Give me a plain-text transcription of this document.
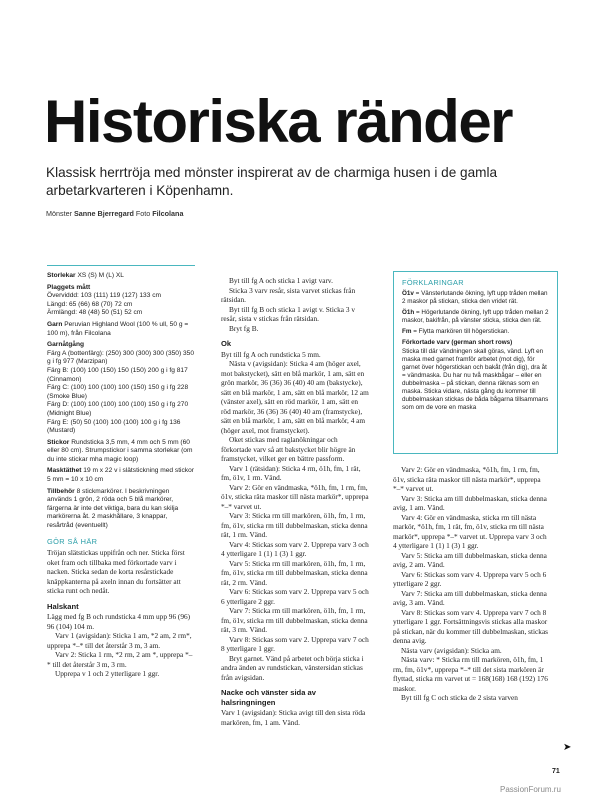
Historiska ränder

Klassisk herrtröja med mönster inspirerat av de charmiga husen i de gamla arbetarkvarteren i Köpenhamn.

Mönster Sanne Bjerregard Foto Filcolana
Storlekar XS (S) M (L) XL
Plaggets mått
Överviddd: 103 (111) 119 (127) 133 cm
Längd: 65 (66) 68 (70) 72 cm
Ärmlängd: 48 (48) 50 (51) 52 cm
Garn Peruvian Highland Wool (100 % ull, 50 g = 100 m), från Filcolana
Garnåtgång
Färg A (bottenfärg): (250) 300 (300) 300 (350) 350 g i fg 977 (Marzipan)
Färg B: (100) 100 (150) 150 (150) 200 g i fg 817 (Cinnamon)
Färg C: (100) 100 (100) 100 (150) 150 g i fg 228 (Smoke Blue)
Färg D: (100) 100 (100) 100 (100) 150 g i fg 270 (Midnight Blue)
Färg E: (50) 50 (100) 100 (100) 100 g i fg 136 (Mustard)
Stickor Rundsticka 3,5 mm, 4 mm och 5 mm (60 eller 80 cm). Strumpstickor i samma storlekar (om du inte stickar mha magic loop)
Masktäthet 19 m x 22 v i slätstickning med stickor 5 mm = 10 x 10 cm
Tillbehör 8 stickmarkörer. I beskrivningen används 1 grön, 2 röda och 5 blå markörer, färgerna är inte det viktiga, bara du kan skilja markörerna åt. 2 maskhållare, 3 knappar, resårtråd (eventuellt)
GÖR SÅ HÄR

Tröjan slätstickas uppifrån och ner. Sticka först oket fram och tillbaka med förkortade varv i nacken. Sticka sedan de korta resårstickade knäppkanterna på axeln innan du fortsätter att sticka runt och nedåt.

Halskant

Lägg med fg B och rundsticka 4 mm upp 96 (96) 96 (104) 104 m.

Varv 1 (avigsidan): Sticka 1 am, *2 am, 2 rm*, upprepa *–* till det återstår 3 m, 3 am.

Varv 2: Sticka 1 rm, *2 rm, 2 am *, upprepa *–* till det återstår 3 m, 3 rm.

Upprepa v 1 och 2 ytterligare 1 ggr.

Byt till fg A och sticka 1 avigt varv.

Sticka 3 varv resår, sista varvet stickas från rätsidan.

Byt till fg B och sticka 1 avigt v. Sticka 3 v resår, sista v stickas från rätsidan.

Bryt fg B.

Ok

Byt till fg A och rundsticka 5 mm.

Nästa v (avigsidan): Sticka 4 am (höger axel, mot bakstycket), sätt en blå markör, 1 am, sätt en grön markör, 36 (36) 36 (40) 40 am (bakstycke), sätt en blå markör, 1 am, sätt en blå markör, 12 am (vänster axel), sätt en röd markör, 1 am, sätt en röd markör, 36 (36) 36 (40) 40 am (framstycke), sätt en blå markör, 1 am, sätt en blå markör, 4 am (höger axel, mot framstycket).

Oket stickas med raglanökningar och förkortade varv så att bakstycket blir högre än framstycket, vilket ger en bättre passform.

Varv 1 (rätsidan): Sticka 4 rm, ö1h, fm, 1 rät, fm, ö1v, 1 rm. Vänd.

Varv 2: Gör en vändmaska, *ö1h, fm, 1 rm, fm, ö1v, sticka räta maskor till nästa markör*, upprepa *–* varvet ut.

Varv 3: Sticka rm till markören, ö1h, fm, 1 rm, fm, ö1v, sticka rm till dubbelmaskan, sticka denna rät, 1 rm. Vänd.

Varv 4: Stickas som varv 2. Upprepa varv 3 och 4 ytterligare 1 (1) 1 (3) 1 ggr.

Varv 5: Sticka rm till markören, ö1h, fm, 1 rm, fm, ö1v, sticka rm till dubbelmaskan, sticka denna rät, 2 rm. Vänd.

Varv 6: Stickas som varv 2. Upprepa varv 5 och 6 ytterligare 2 ggr.

Varv 7: Sticka rm till markören, ö1h, fm, 1 rm, fm, ö1v, sticka rm till dubbelmaskan, sticka denna rät, 3 rm. Vänd.

Varv 8: Stickas som varv 2. Upprepa varv 7 och 8 ytterligare 1 ggr.

Bryt garnet. Vänd på arbetet och börja sticka i andra änden av rundstickan, vänstersidan stickas från avigsidan.

Nacke och vänster sida av halsringningen

Varv 1 (avigsidan): Sticka avigt till den sista röda markören, fm, 1 am. Vänd.

FÖRKLARINGAR
Ö1v = Vänsterlutande ökning, lyft upp tråden mellan 2 maskor på stickan, sticka den vridet rät.
Ö1h = Högerlutande ökning, lyft upp tråden mellan 2 maskor, bakifrån, på vänster sticka, sticka den rät.
Fm = Flytta markören till högerstickan.
Förkortade varv (german short rows)
Sticka till där vändningen skall göras, vänd. Lyft en maska med garnet framför arbetet (mot dig), för garnet över högerstickan och bakåt (från dig), dra åt = vändmaska. Du har nu två maskbågar – eller en dubbelmaska – på stickan, denna räknas som en maska. Sticka vidare, nästa gång du kommer till dubbelmaskan stickas de båda bågarna tillsammans som om de vore en maska

Varv 2: Gör en vändmaska, *ö1h, fm, 1 rm, fm, ö1v, sticka räta maskor till nästa markör*, upprepa *–* varvet ut.

Varv 3: Sticka am till dubbelmaskan, sticka denna avig, 1 am. Vänd.

Varv 4: Gör en vändmaska, sticka rm till nästa markör, *ö1h, fm, 1 rät, fm, ö1v, sticka rm till nästa markör*, upprepa *–* varvet ut. Upprepa varv 3 och 4 ytterligare 1 (1) 1 (3) 1 ggr.

Varv 5: Sticka am till dubbelmaskan, sticka denna avig, 2 am. Vänd.

Varv 6: Stickas som varv 4. Upprepa varv 5 och 6 ytterligare 2 ggr.

Varv 7: Sticka am till dubbelmaskan, sticka denna avig, 3 am. Vänd.

Varv 8: Stickas som varv 4. Upprepa varv 7 och 8 ytterligare 1 ggr. Fortsättningsvis stickas alla maskor på stickan, när du kommer till dubbelmaskan, stickas denna avig.

Nästa varv (avigsidan): Sticka am.

Nästa varv: * Sticka rm till markören, ö1h, fm, 1 rm, fm, ö1v*, upprepa *–* till det sista markören är flyttad, sticka rm varvet ut = 168(168) 168 (192) 176 maskor.

Byt till fg C och sticka de 2 sista varven

➤
71
PassionForum.ru
